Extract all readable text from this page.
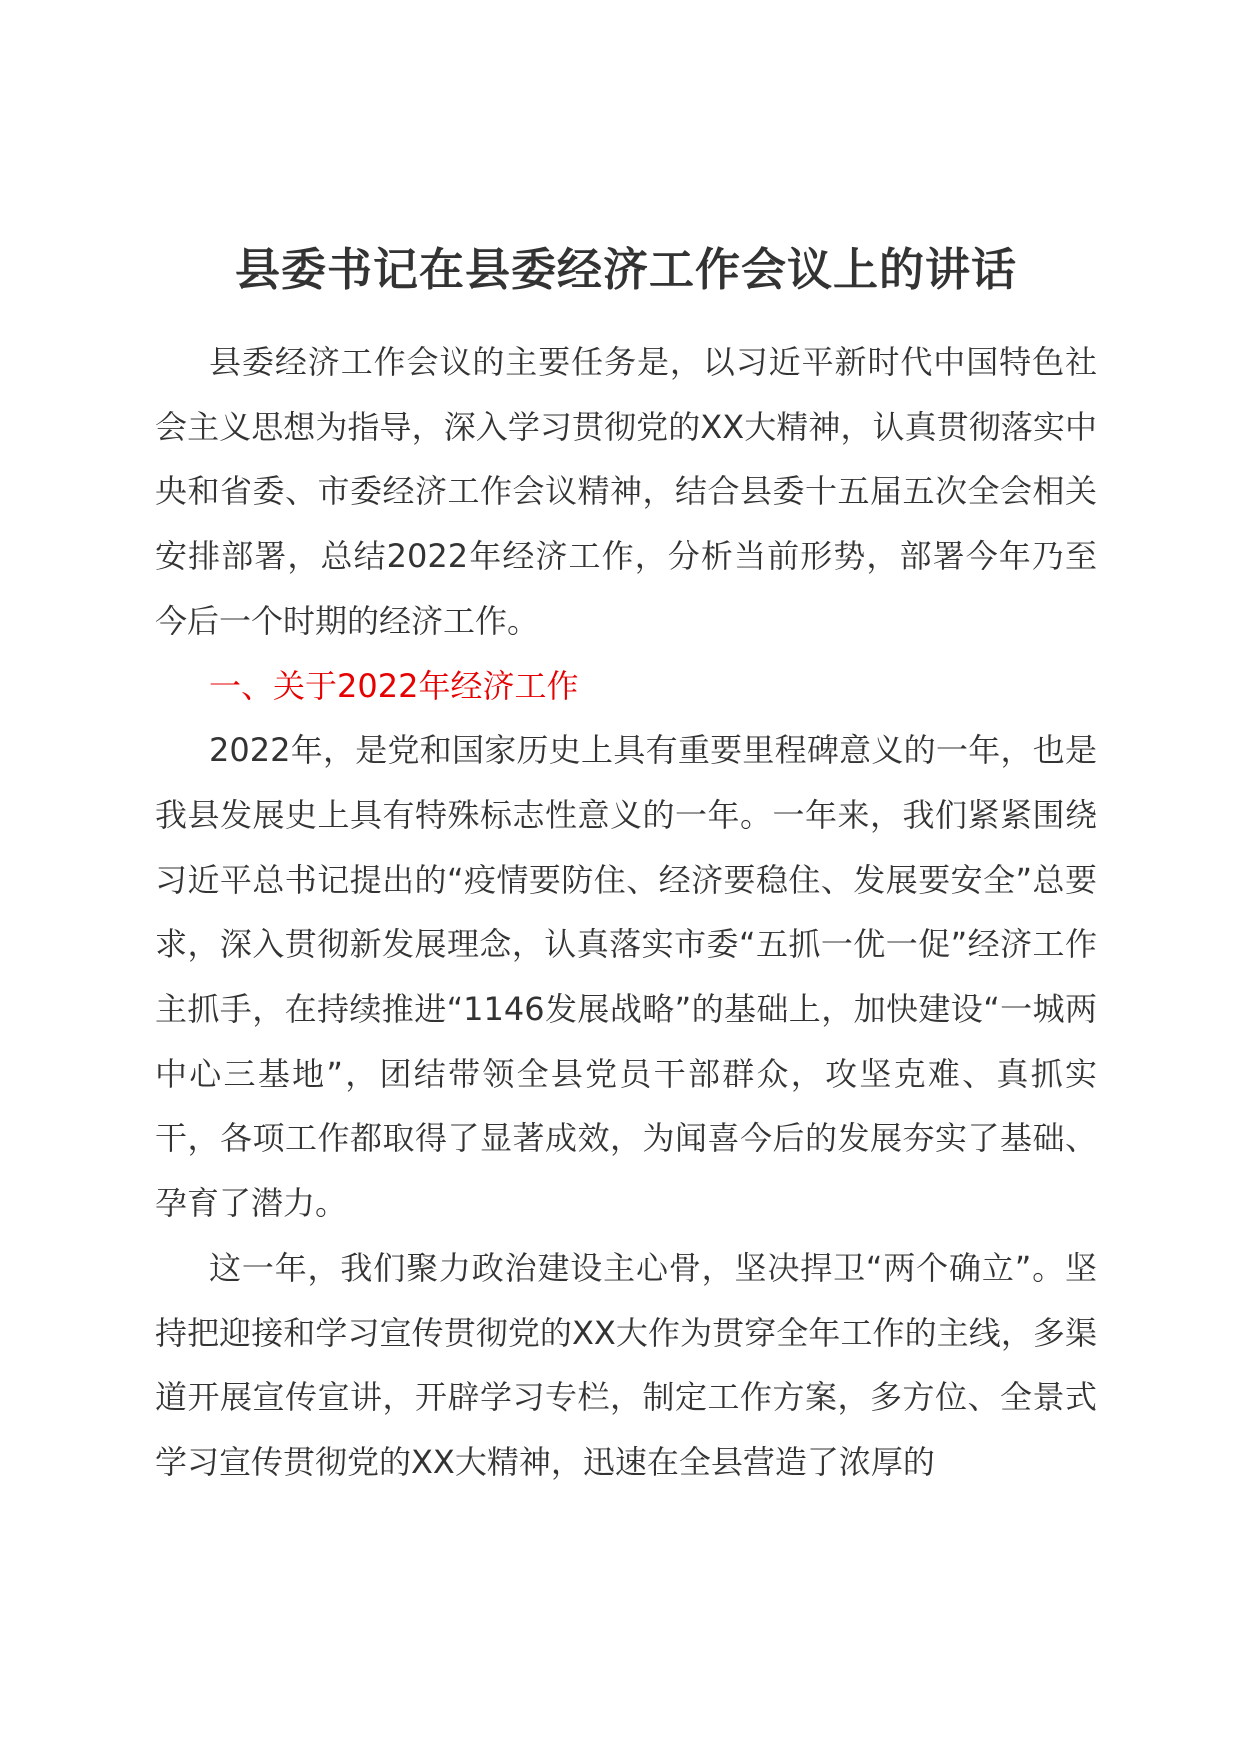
县委书记在县委经济工作会议上的讲话

县委经济工作会议的主要任务是，以习近平新时代中国特色社会主义思想为指导，深入学习贯彻党的XX大精神，认真贯彻落实中央和省委、市委经济工作会议精神，结合县委十五届五次全会相关安排部署，总结2022年经济工作，分析当前形势，部署今年乃至今后一个时期的经济工作。

一、关于2022年经济工作

2022年，是党和国家历史上具有重要里程碑意义的一年，也是我县发展史上具有特殊标志性意义的一年。一年来，我们紧紧围绕习近平总书记提出的“疫情要防住、经济要稳住、发展要安全”总要求，深入贯彻新发展理念，认真落实市委“五抓一优一促”经济工作主抓手，在持续推进“1146发展战略”的基础上，加快建设“一城两中心三基地”，团结带领全县党员干部群众，攻坚克难、真抓实干，各项工作都取得了显著成效，为闻喜今后的发展夯实了基础、孕育了潜力。

这一年，我们聚力政治建设主心骨，坚决捍卫“两个确立”。坚持把迎接和学习宣传贯彻党的XX大作为贯穿全年工作的主线，多渠道开展宣传宣讲，开辟学习专栏，制定工作方案，多方位、全景式学习宣传贯彻党的XX大精神，迅速在全县营造了浓厚的
